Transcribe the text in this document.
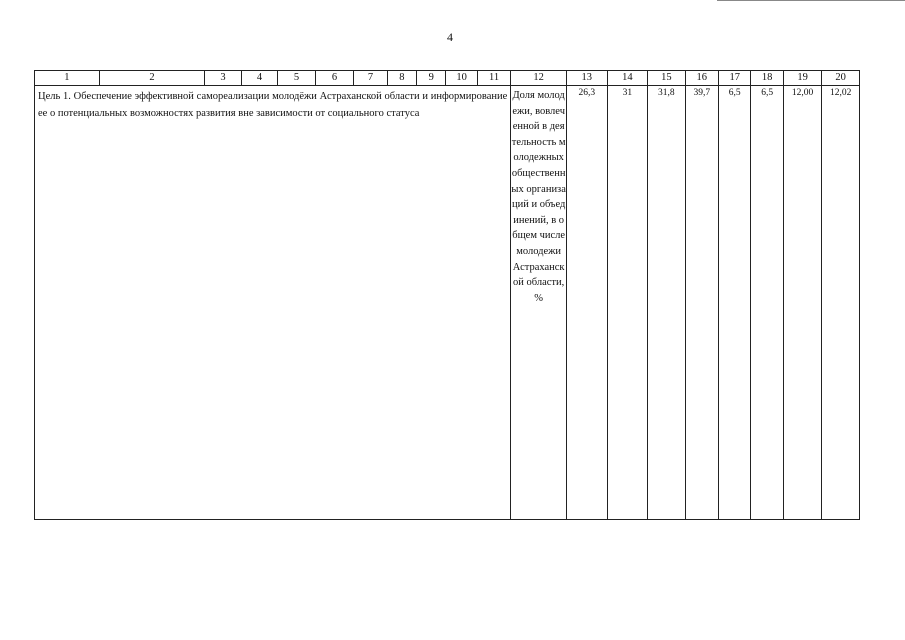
4
1	2	3	4	5	6	7	8	9	10	11	12	13	14	15	16	17	18	19	20

Цель 1. Обеспечение эффективной самореализации молодёжи Астраханской области и информирование ее о потенциальных возможностях развития вне зависимости от социального статуса											Доля молодежи, вовлеченной в деятельность молодежных общественных организаций и объединений, в общем числе молодежи Астраханской области, %	26,3	31	31,8	39,7	6,5	6,5	12,00	12,02
